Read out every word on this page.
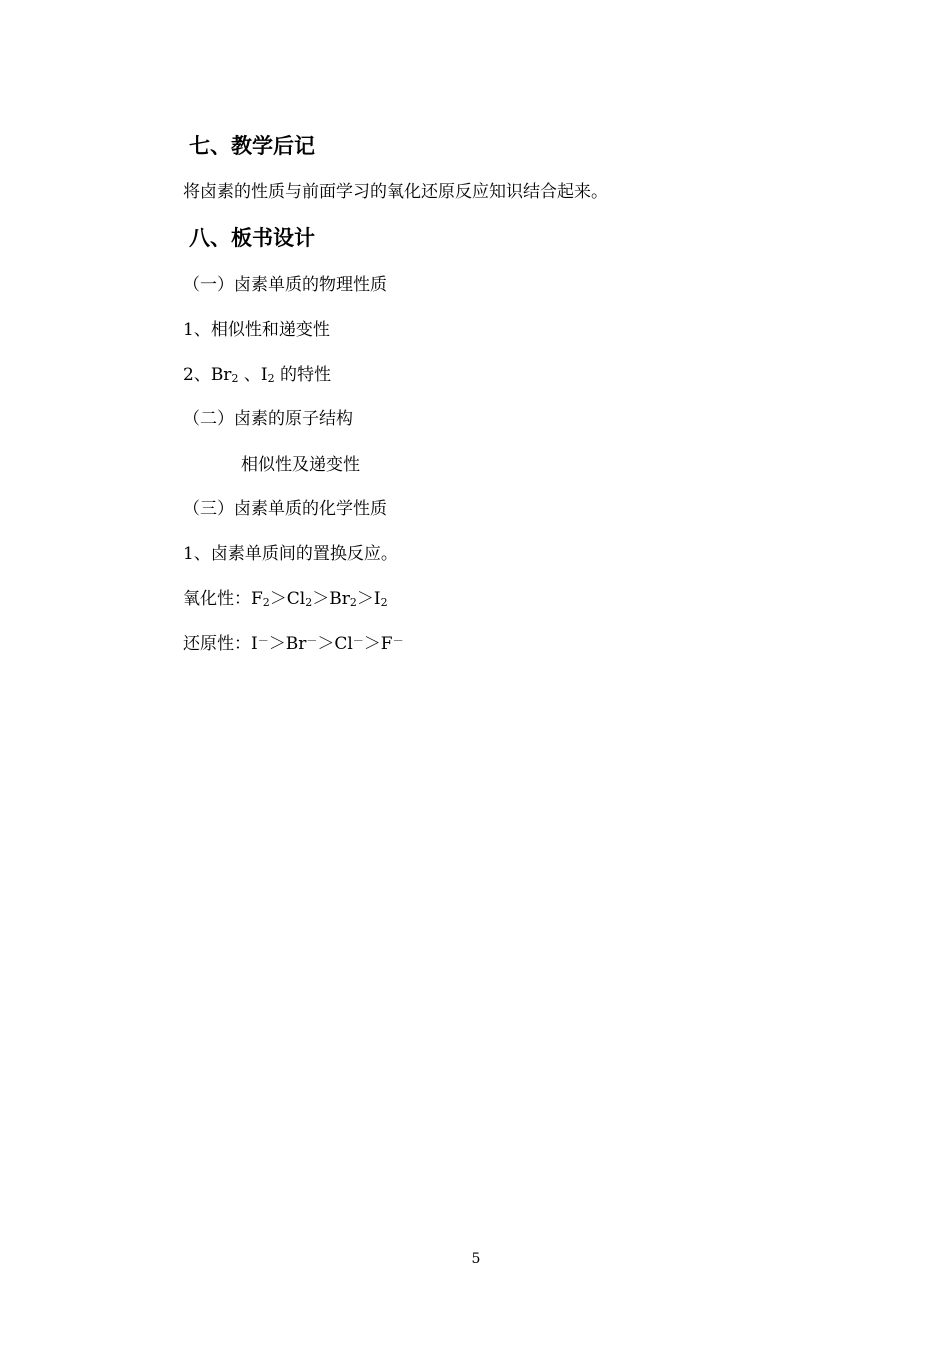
七、教学后记

将卤素的性质与前面学习的氧化还原反应知识结合起来。

八、板书设计

（一）卤素单质的物理性质

1、相似性和递变性

2、$Br_2$ 、$I_2$ 的特性

（二）卤素的原子结构

相似性及递变性

（三）卤素单质的化学性质

1、卤素单质间的置换反应。

氧化性：$F_2>Cl_2>Br_2>I_2$

还原性：I－＞Br－＞Cl－＞F－

5
